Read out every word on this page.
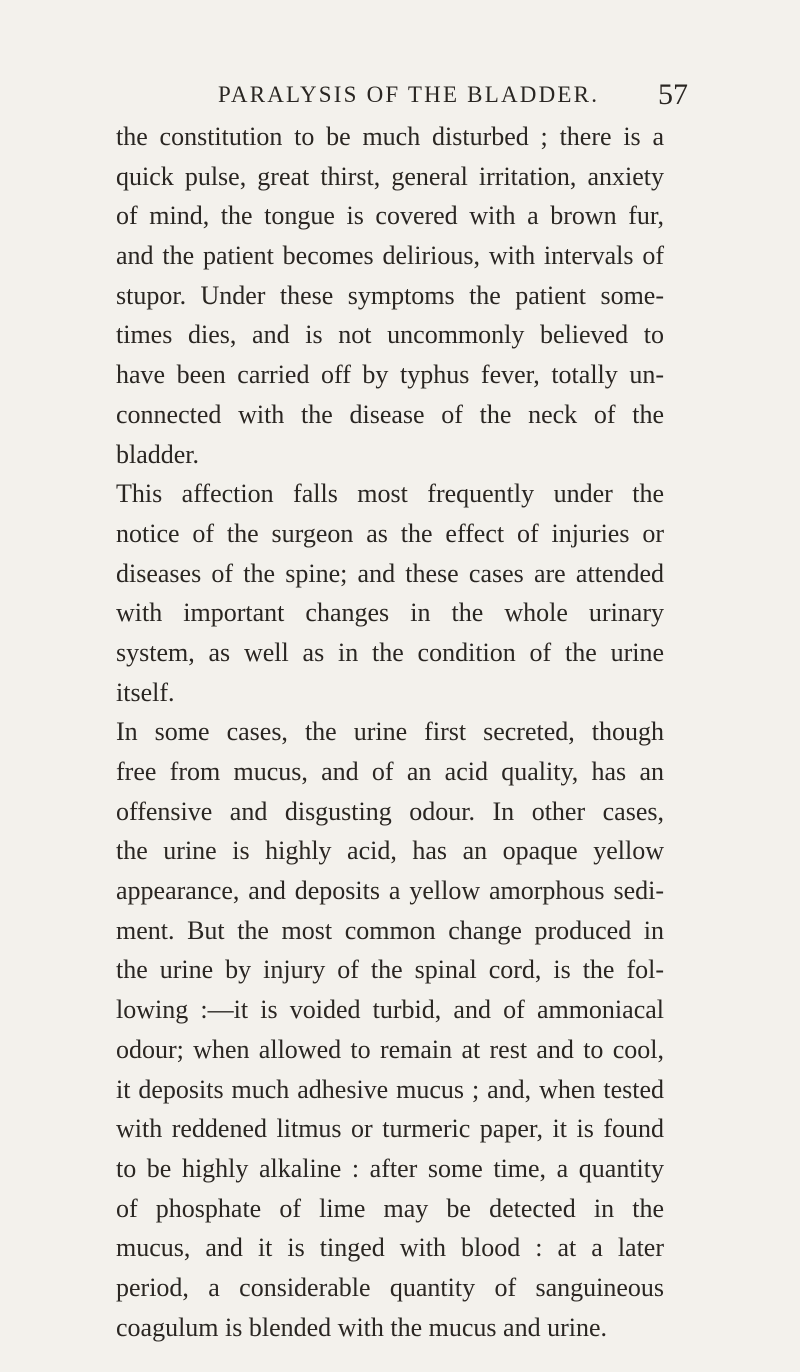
PARALYSIS OF THE BLADDER. 57
the constitution to be much disturbed ; there is a
quick pulse, great thirst, general irritation, anxiety
of mind, the tongue is covered with a brown fur,
and the patient becomes delirious, with intervals of
stupor. Under these symptoms the patient some-
times dies, and is not uncommonly believed to
have been carried off by typhus fever, totally un-
connected with the disease of the neck of the
bladder.
This affection falls most frequently under the
notice of the surgeon as the effect of injuries or
diseases of the spine; and these cases are attended
with important changes in the whole urinary
system, as well as in the condition of the urine
itself.
In some cases, the urine first secreted, though
free from mucus, and of an acid quality, has an
offensive and disgusting odour. In other cases,
the urine is highly acid, has an opaque yellow
appearance, and deposits a yellow amorphous sedi-
ment. But the most common change produced in
the urine by injury of the spinal cord, is the fol-
lowing :—it is voided turbid, and of ammoniacal
odour; when allowed to remain at rest and to cool,
it deposits much adhesive mucus ; and, when tested
with reddened litmus or turmeric paper, it is found
to be highly alkaline : after some time, a quantity
of phosphate of lime may be detected in the
mucus, and it is tinged with blood : at a later
period, a considerable quantity of sanguineous
coagulum is blended with the mucus and urine.
